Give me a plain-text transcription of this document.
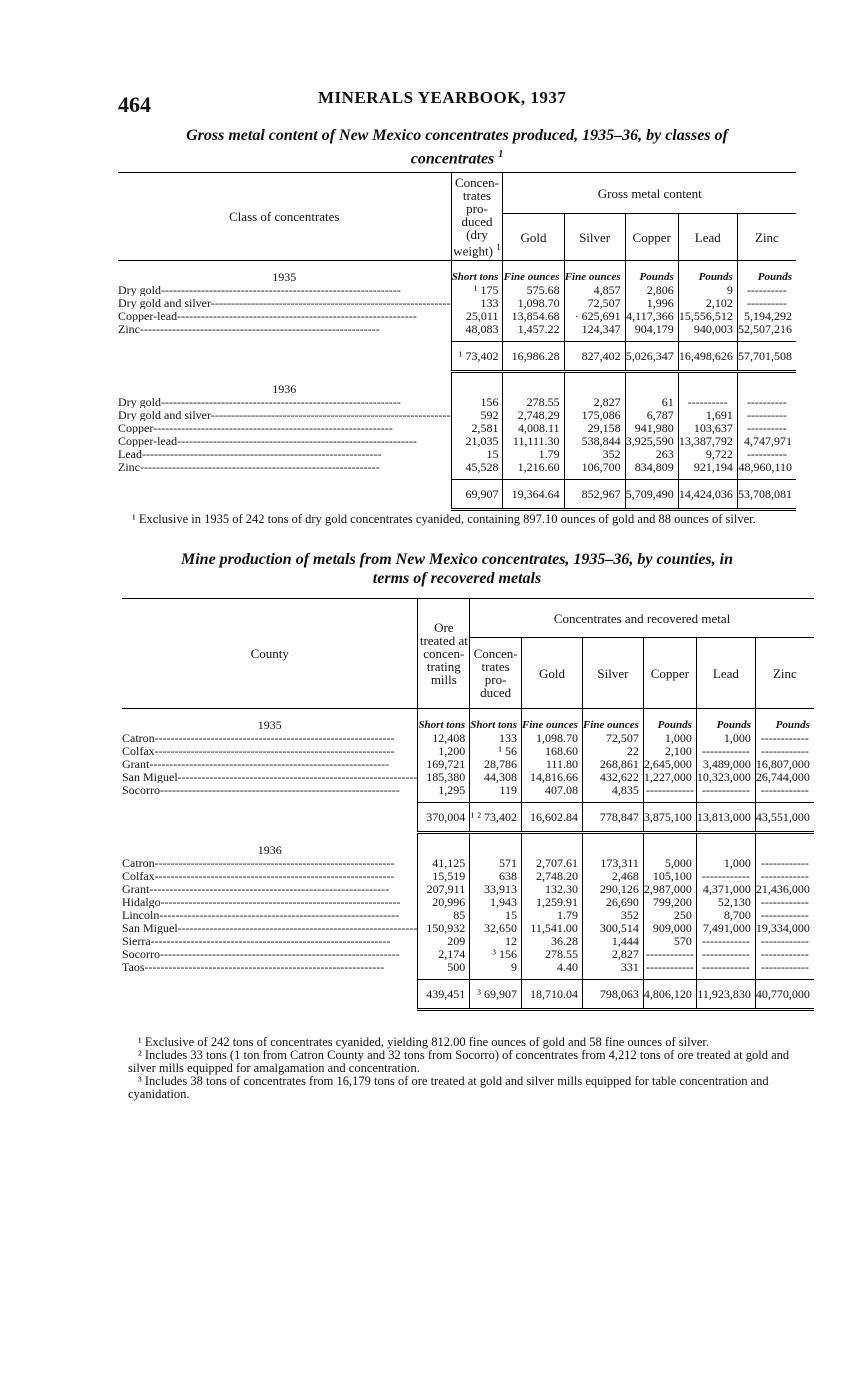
464	MINERALS YEARBOOK, 1937
Gross metal content of New Mexico concentrates produced, 1935–36, by classes of
concentrates $^1$
Class of concentrates	Concen-trates pro-duced (dry weight) $^1$	Gross metal content				
		Gold	Silver	Copper	Lead	Zinc

1935	Short tons	Fine ounces	Fine ounces	Pounds	Pounds	Pounds
Dry gold -----	¹ 175	575.68	4,857	2,806	9	----------
Dry gold and silver -----	133	1,098.70	72,507	1,996	2,102	----------
Copper-lead -----	25,011	13,854.68	· 625,691	4,117,366	15,556,512	5,194,292
Zinc -----	48,083	1,457.22	124,347	904,179	940,003	52,507,216

	¹ 73,402	16,986.28	827,402	5,026,347	16,498,626	57,701,508

1936						
Dry gold -----	156	278.55	2,827	61	----------	----------
Dry gold and silver -----	592	2,748.29	175,086	6,787	1,691	----------
Copper -----	2,581	4,008.11	29,158	941,980	103,637	----------
Copper-lead -----	21,035	11,111.30	538,844	3,925,590	13,387,792	4,747,971
Lead -----	15	1.79	352	263	9,722	----------
Zinc -----	45,528	1,216.60	106,700	834,809	921,194	48,960,110

	69,907	19,364.64	852,967	5,709,490	14,424,036	53,708,081
¹ Exclusive in 1935 of 242 tons of dry gold concentrates cyanided, containing 897.10 ounces of gold and 88 ounces of silver.
Mine production of metals from New Mexico concentrates, 1935–36, by counties, in
terms of recovered metals
County	Ore treated at concen-trating mills	Concentrates and recovered metal					
		Concen-trates pro-duced	Gold	Silver	Copper	Lead	Zinc

1935	Short tons	Short tons	Fine ounces	Fine ounces	Pounds	Pounds	Pounds
Catron -----	12,408	133	1,098.70	72,507	1,000	1,000	------------
Colfax -----	1,200	¹ 56	168.60	22	2,100	------------	------------
Grant -----	169,721	28,786	111.80	268,861	2,645,000	3,489,000	16,807,000
San Miguel -----	185,380	44,308	14,816.66	432,622	1,227,000	10,323,000	26,744,000
Socorro -----	1,295	119	407.08	4,835	------------	------------	------------

	370,004	¹ ² 73,402	16,602.84	778,847	3,875,100	13,813,000	43,551,000

1936							
Catron -----	41,125	571	2,707.61	173,311	5,000	1,000	------------
Colfax -----	15,519	638	2,748.20	2,468	105,100	------------	------------
Grant -----	207,911	33,913	132.30	290,126	2,987,000	4,371,000	21,436,000
Hidalgo -----	20,996	1,943	1,259.91	26,690	799,200	52,130	------------
Lincoln -----	85	15	1.79	352	250	8,700	------------
San Miguel -----	150,932	32,650	11,541.00	300,514	909,000	7,491,000	19,334,000
Sierra -----	209	12	36.28	1,444	570	------------	------------
Socorro -----	2,174	³ 156	278.55	2,827	------------	------------	------------
Taos -----	500	9	4.40	331	------------	------------	------------

	439,451	³ 69,907	18,710.04	798,063	4,806,120	11,923,830	40,770,000
¹ Exclusive of 242 tons of concentrates cyanided, yielding 812.00 fine ounces of gold and 58 fine ounces of silver.
² Includes 33 tons (1 ton from Catron County and 32 tons from Socorro) of concentrates from 4,212 tons of ore treated at gold and silver mills equipped for amalgamation and concentration.
³ Includes 38 tons of concentrates from 16,179 tons of ore treated at gold and silver mills equipped for table concentration and cyanidation.
